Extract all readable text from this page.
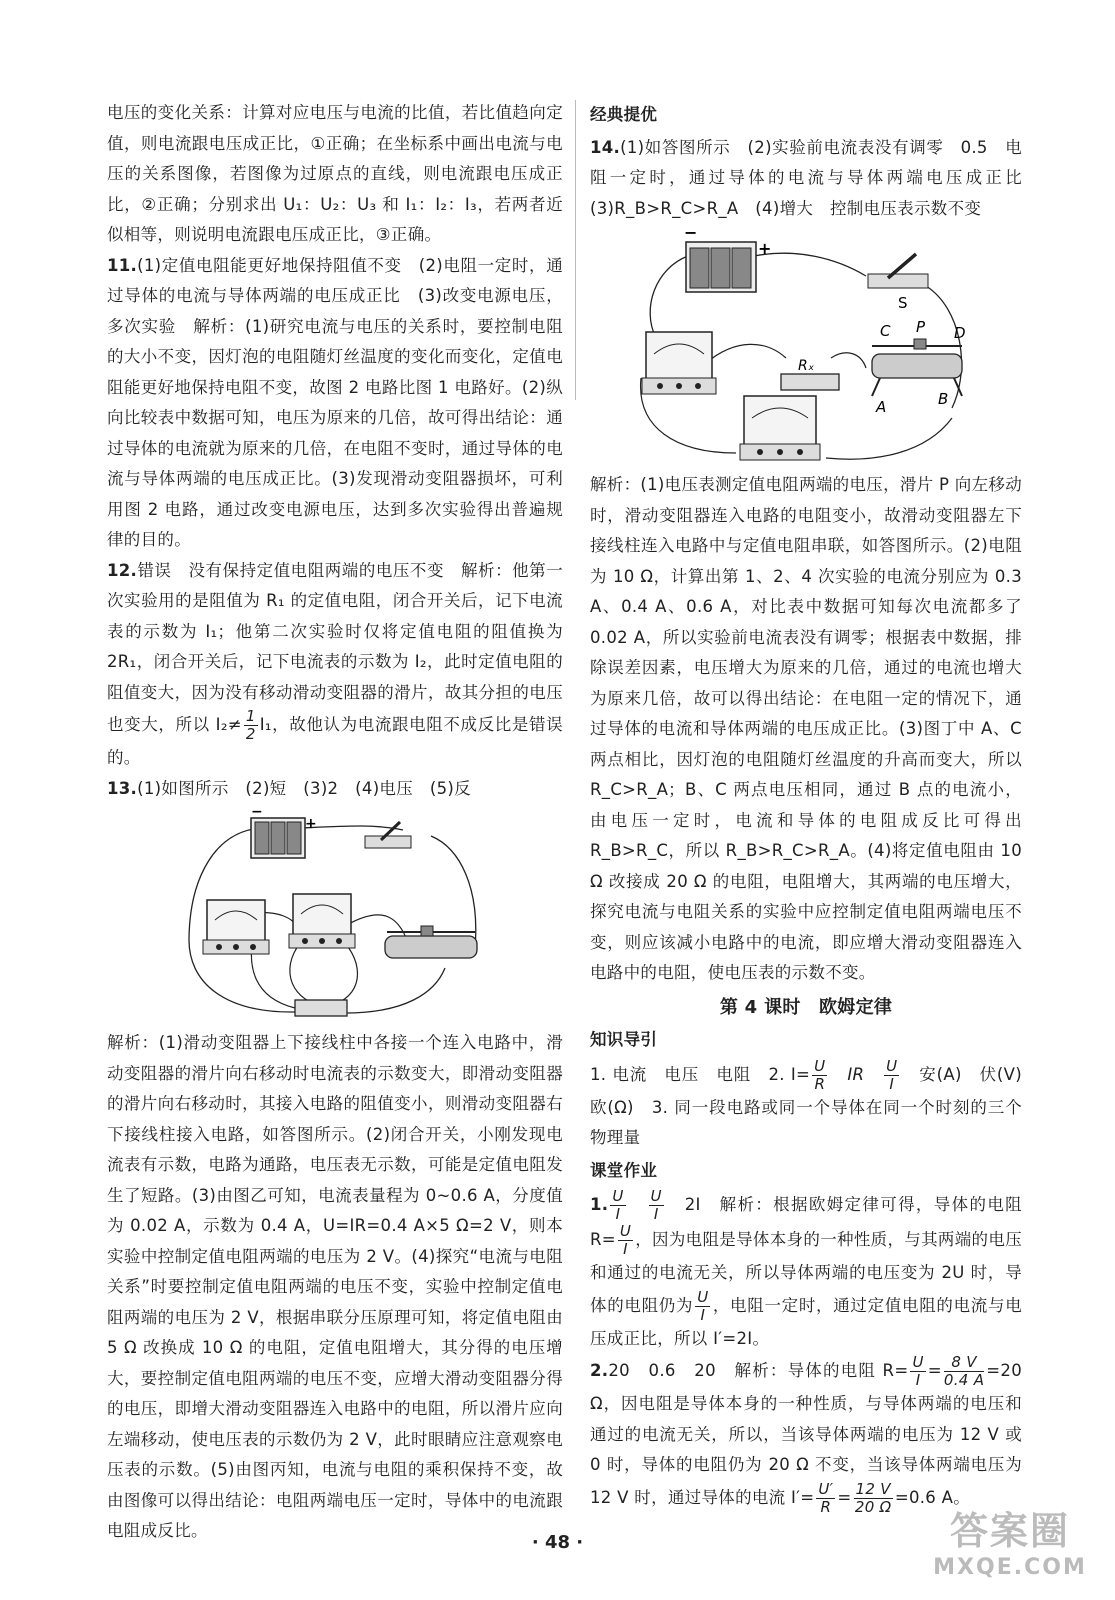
电压的变化关系：计算对应电压与电流的比值，若比值趋向定值，则电流跟电压成正比，①正确；在坐标系中画出电流与电压的关系图像，若图像为过原点的直线，则电流跟电压成正比，②正确；分别求出 U₁：U₂：U₃ 和 I₁：I₂：I₃，若两者近似相等，则说明电流跟电压成正比，③正确。

11.(1)定值电阻能更好地保持阻值不变　(2)电阻一定时，通过导体的电流与导体两端的电压成正比　(3)改变电源电压，多次实验　解析：(1)研究电流与电压的关系时，要控制电阻的大小不变，因灯泡的电阻随灯丝温度的变化而变化，定值电阻能更好地保持电阻不变，故图 2 电路比图 1 电路好。(2)纵向比较表中数据可知，电压为原来的几倍，故可得出结论：通过导体的电流就为原来的几倍，在电阻不变时，通过导体的电流与导体两端的电压成正比。(3)发现滑动变阻器损坏，可利用图 2 电路，通过改变电源电压，达到多次实验得出普遍规律的目的。

12.错误　没有保持定值电阻两端的电压不变　解析：他第一次实验用的是阻值为 R₁ 的定值电阻，闭合开关后，记下电流表的示数为 I₁；他第二次实验时仅将定值电阻的阻值换为 2R₁，闭合开关后，记下电流表的示数为 I₂，此时定值电阻的阻值变大，因为没有移动滑动变阻器的滑片，故其分担的电压也变大，所以 $I_2\ne \frac{1}{2} I_1$，故他认为电流跟电阻不成反比是错误的。

13.(1)如图所示　(2)短　(3)2　(4)电压　(5)反

−
+

解析：(1)滑动变阻器上下接线柱中各接一个连入电路中，滑动变阻器的滑片向右移动时电流表的示数变大，即滑动变阻器的滑片向右移动时，其接入电路的阻值变小，则滑动变阻器右下接线柱接入电路，如答图所示。(2)闭合开关，小刚发现电流表有示数，电路为通路，电压表无示数，可能是定值电阻发生了短路。(3)由图乙可知，电流表量程为 0~0.6 A，分度值为 0.02 A，示数为 0.4 A，U=IR=0.4 A×5 Ω=2 V，则本实验中控制定值电阻两端的电压为 2 V。(4)探究“电流与电阻关系”时要控制定值电阻两端的电压不变，实验中控制定值电阻两端的电压为 2 V，根据串联分压原理可知，将定值电阻由 5 Ω 改换成 10 Ω 的电阻，定值电阻增大，其分得的电压增大，要控制定值电阻两端的电压不变，应增大滑动变阻器分得的电压，即增大滑动变阻器连入电路中的电阻，所以滑片应向左端移动，使电压表的示数仍为 2 V，此时眼睛应注意观察电压表的示数。(5)由图丙知，电流与电阻的乘积保持不变，故由图像可以得出结论：电阻两端电压一定时，导体中的电流跟电阻成反比。

经典提优

14.(1)如答图所示　(2)实验前电流表没有调零　0.5　电阻一定时，通过导体的电流与导体两端电压成正比　(3)R_B>R_C>R_A　(4)增大　控制电压表示数不变

−
+
S
Rₓ
C P D
A	B

解析：(1)电压表测定值电阻两端的电压，滑片 P 向左移动时，滑动变阻器连入电路的电阻变小，故滑动变阻器左下接线柱连入电路中与定值电阻串联，如答图所示。(2)电阻为 10 Ω，计算出第 1、2、4 次实验的电流分别应为 0.3 A、0.4 A、0.6 A，对比表中数据可知每次电流都多了 0.02 A，所以实验前电流表没有调零；根据表中数据，排除误差因素，电压增大为原来的几倍，通过的电流也增大为原来几倍，故可以得出结论：在电阻一定的情况下，通过导体的电流和导体两端的电压成正比。(3)图丁中 A、C 两点相比，因灯泡的电阻随灯丝温度的升高而变大，所以 R_C>R_A；B、C 两点电压相同，通过 B 点的电流小，由电压一定时，电流和导体的电阻成反比可得出 R_B>R_C，所以 R_B>R_C>R_A。(4)将定值电阻由 10 Ω 改接成 20 Ω 的电阻，电阻增大，其两端的电压增大，探究电流与电阻关系的实验中应控制定值电阻两端电压不变，则应该减小电路中的电流，即应增大滑动变阻器连入电路中的电阻，使电压表的示数不变。

第 4 课时　欧姆定律
知识导引

1. 电流　电压　电阻　2. $I= \frac{U}{R}$
　 IR　 $\frac{U}{I}$
　 安(A)　伏(V)　欧(Ω)　3. 同一段电路或同一个导体在同一个时刻的三个物理量

课堂作业

1. $\frac{U}{I}$
　 $\frac{U}{I}$
　 2I　解析：根据欧姆定律可得，导体的电阻 $R= \frac{U}{I}$ ，因为电阻是导体本身的一种性质，与其两端的电压和通过的电流无关，所以导体两端的电压变为 2U 时，导体的电阻仍为 $\frac{U}{I}$ ，电阻一定时，通过定值电阻的电流与电压成正比，所以 I′=2I。

2.20　0.6　20　解析：导体的电阻 $R= \frac{U}{I} = \frac{8 V}{0.4 A} =20$ Ω，因电阻是导体本身的一种性质，与导体两端的电压和通过的电流无关，所以，当该导体两端的电压为 12 V 或 0 时，导体的电阻仍为 20 Ω 不变，当该导体两端电压为 12 V 时，通过导体的电流 $I'= \frac{U'}{R} = \frac{12 V}{20 \Omega} =0.6$ A。

· 48 ·	答案圈
MXQE.COM
